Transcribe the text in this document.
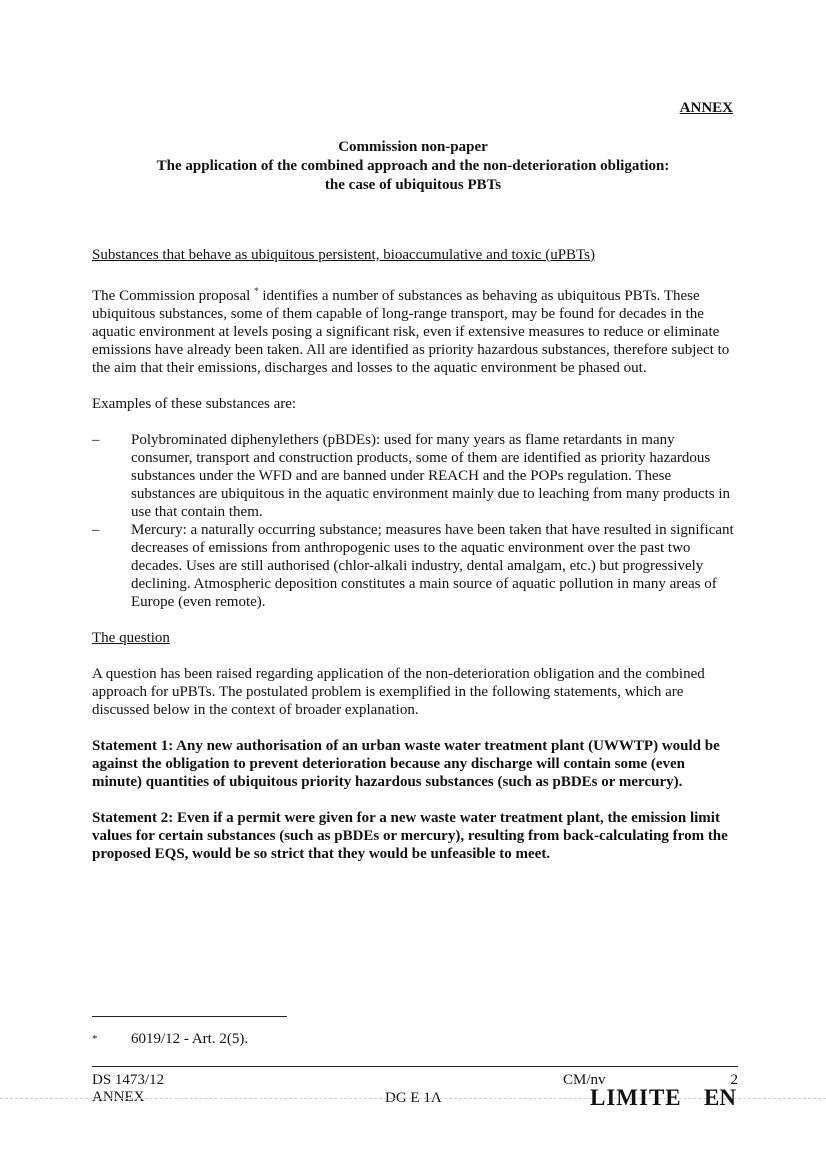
ANNEX
Commission non-paper
The application of the combined approach and the non-deterioration obligation:
the case of ubiquitous PBTs

Substances that behave as ubiquitous persistent, bioaccumulative and toxic (uPBTs)

The Commission proposal * identifies a number of substances as behaving as ubiquitous PBTs. These ubiquitous substances, some of them capable of long-range transport, may be found for decades in the aquatic environment at levels posing a significant risk, even if extensive measures to reduce or eliminate emissions have already been taken. All are identified as priority hazardous substances, therefore subject to the aim that their emissions, discharges and losses to the aquatic environment be phased out.

Examples of these substances are:

– Polybrominated diphenylethers (pBDEs): used for many years as flame retardants in many consumer, transport and construction products, some of them are identified as priority hazardous substances under the WFD and are banned under REACH and the POPs regulation. These substances are ubiquitous in the aquatic environment mainly due to leaching from many products in use that contain them.
– Mercury: a naturally occurring substance; measures have been taken that have resulted in significant decreases of emissions from anthropogenic uses to the aquatic environment over the past two decades. Uses are still authorised (chlor-alkali industry, dental amalgam, etc.) but progressively declining. Atmospheric deposition constitutes a main source of aquatic pollution in many areas of Europe (even remote).

The question

A question has been raised regarding application of the non-deterioration obligation and the combined approach for uPBTs. The postulated problem is exemplified in the following statements, which are discussed below in the context of broader explanation.

Statement 1: Any new authorisation of an urban waste water treatment plant (UWWTP) would be against the obligation to prevent deterioration because any discharge will contain some (even minute) quantities of ubiquitous priority hazardous substances (such as pBDEs or mercury).

Statement 2: Even if a permit were given for a new waste water treatment plant, the emission limit values for certain substances (such as pBDEs or mercury), resulting from back-calculating from the proposed EQS, would be so strict that they would be unfeasible to meet.

* 6019/12 - Art. 2(5).
DS 1473/12
ANNEX	DG E 1A
CM/nv	2
LIMITE EN
